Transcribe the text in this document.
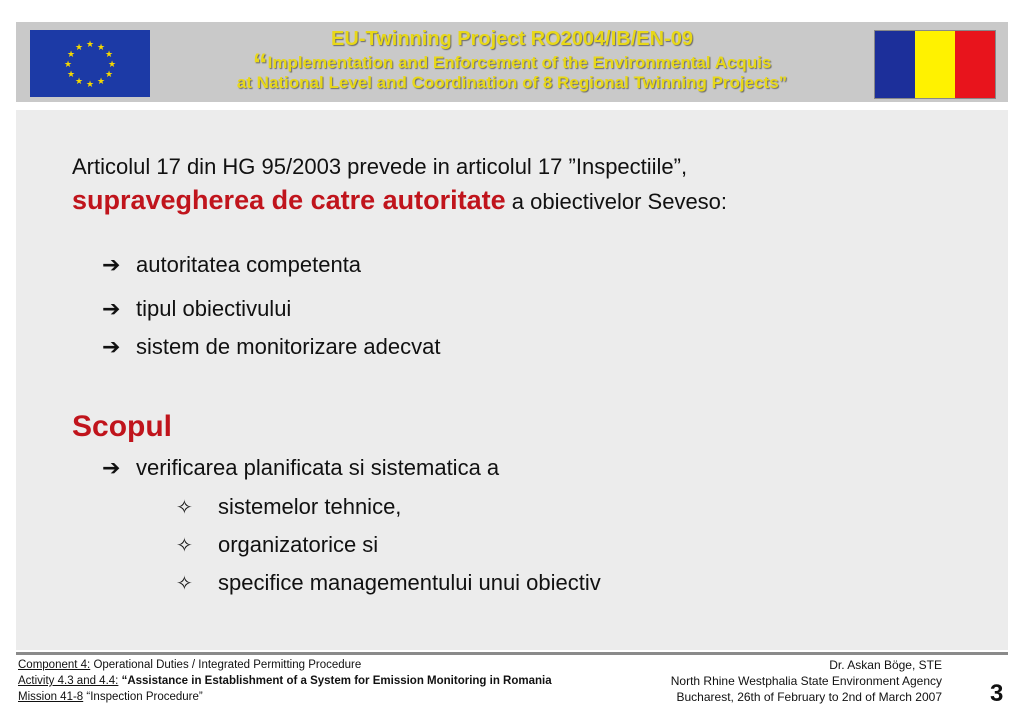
★ ★
★
★
★
★
★
★
★
★
★
★	EU-Twinning Project RO2004/IB/EN-09
“Implementation and Enforcement of the Environmental Acquis
at National Level and Coordination of 8 Regional Twinning Projects”
Articolul 17 din HG 95/2003 prevede in articolul 17 ”Inspectiile”,
supravegherea de catre autoritate a obiectivelor Seveso:
➔ autoritatea competenta
➔ tipul obiectivului
➔ sistem de monitorizare adecvat
Scopul
➔ verificarea planificata si sistematica a
✧	sistemelor tehnice,
✧	organizatorice si
✧	specifice managementului unui obiectiv
Component 4: Operational Duties / Integrated Permitting Procedure
Activity 4.3 and 4.4: “Assistance in Establishment of a System for Emission Monitoring in Romania
Mission 41-8 “Inspection Procedure”
Dr. Askan Böge, STE
North Rhine Westphalia State Environment Agency
Bucharest, 26th of February to 2nd of March 2007 3
